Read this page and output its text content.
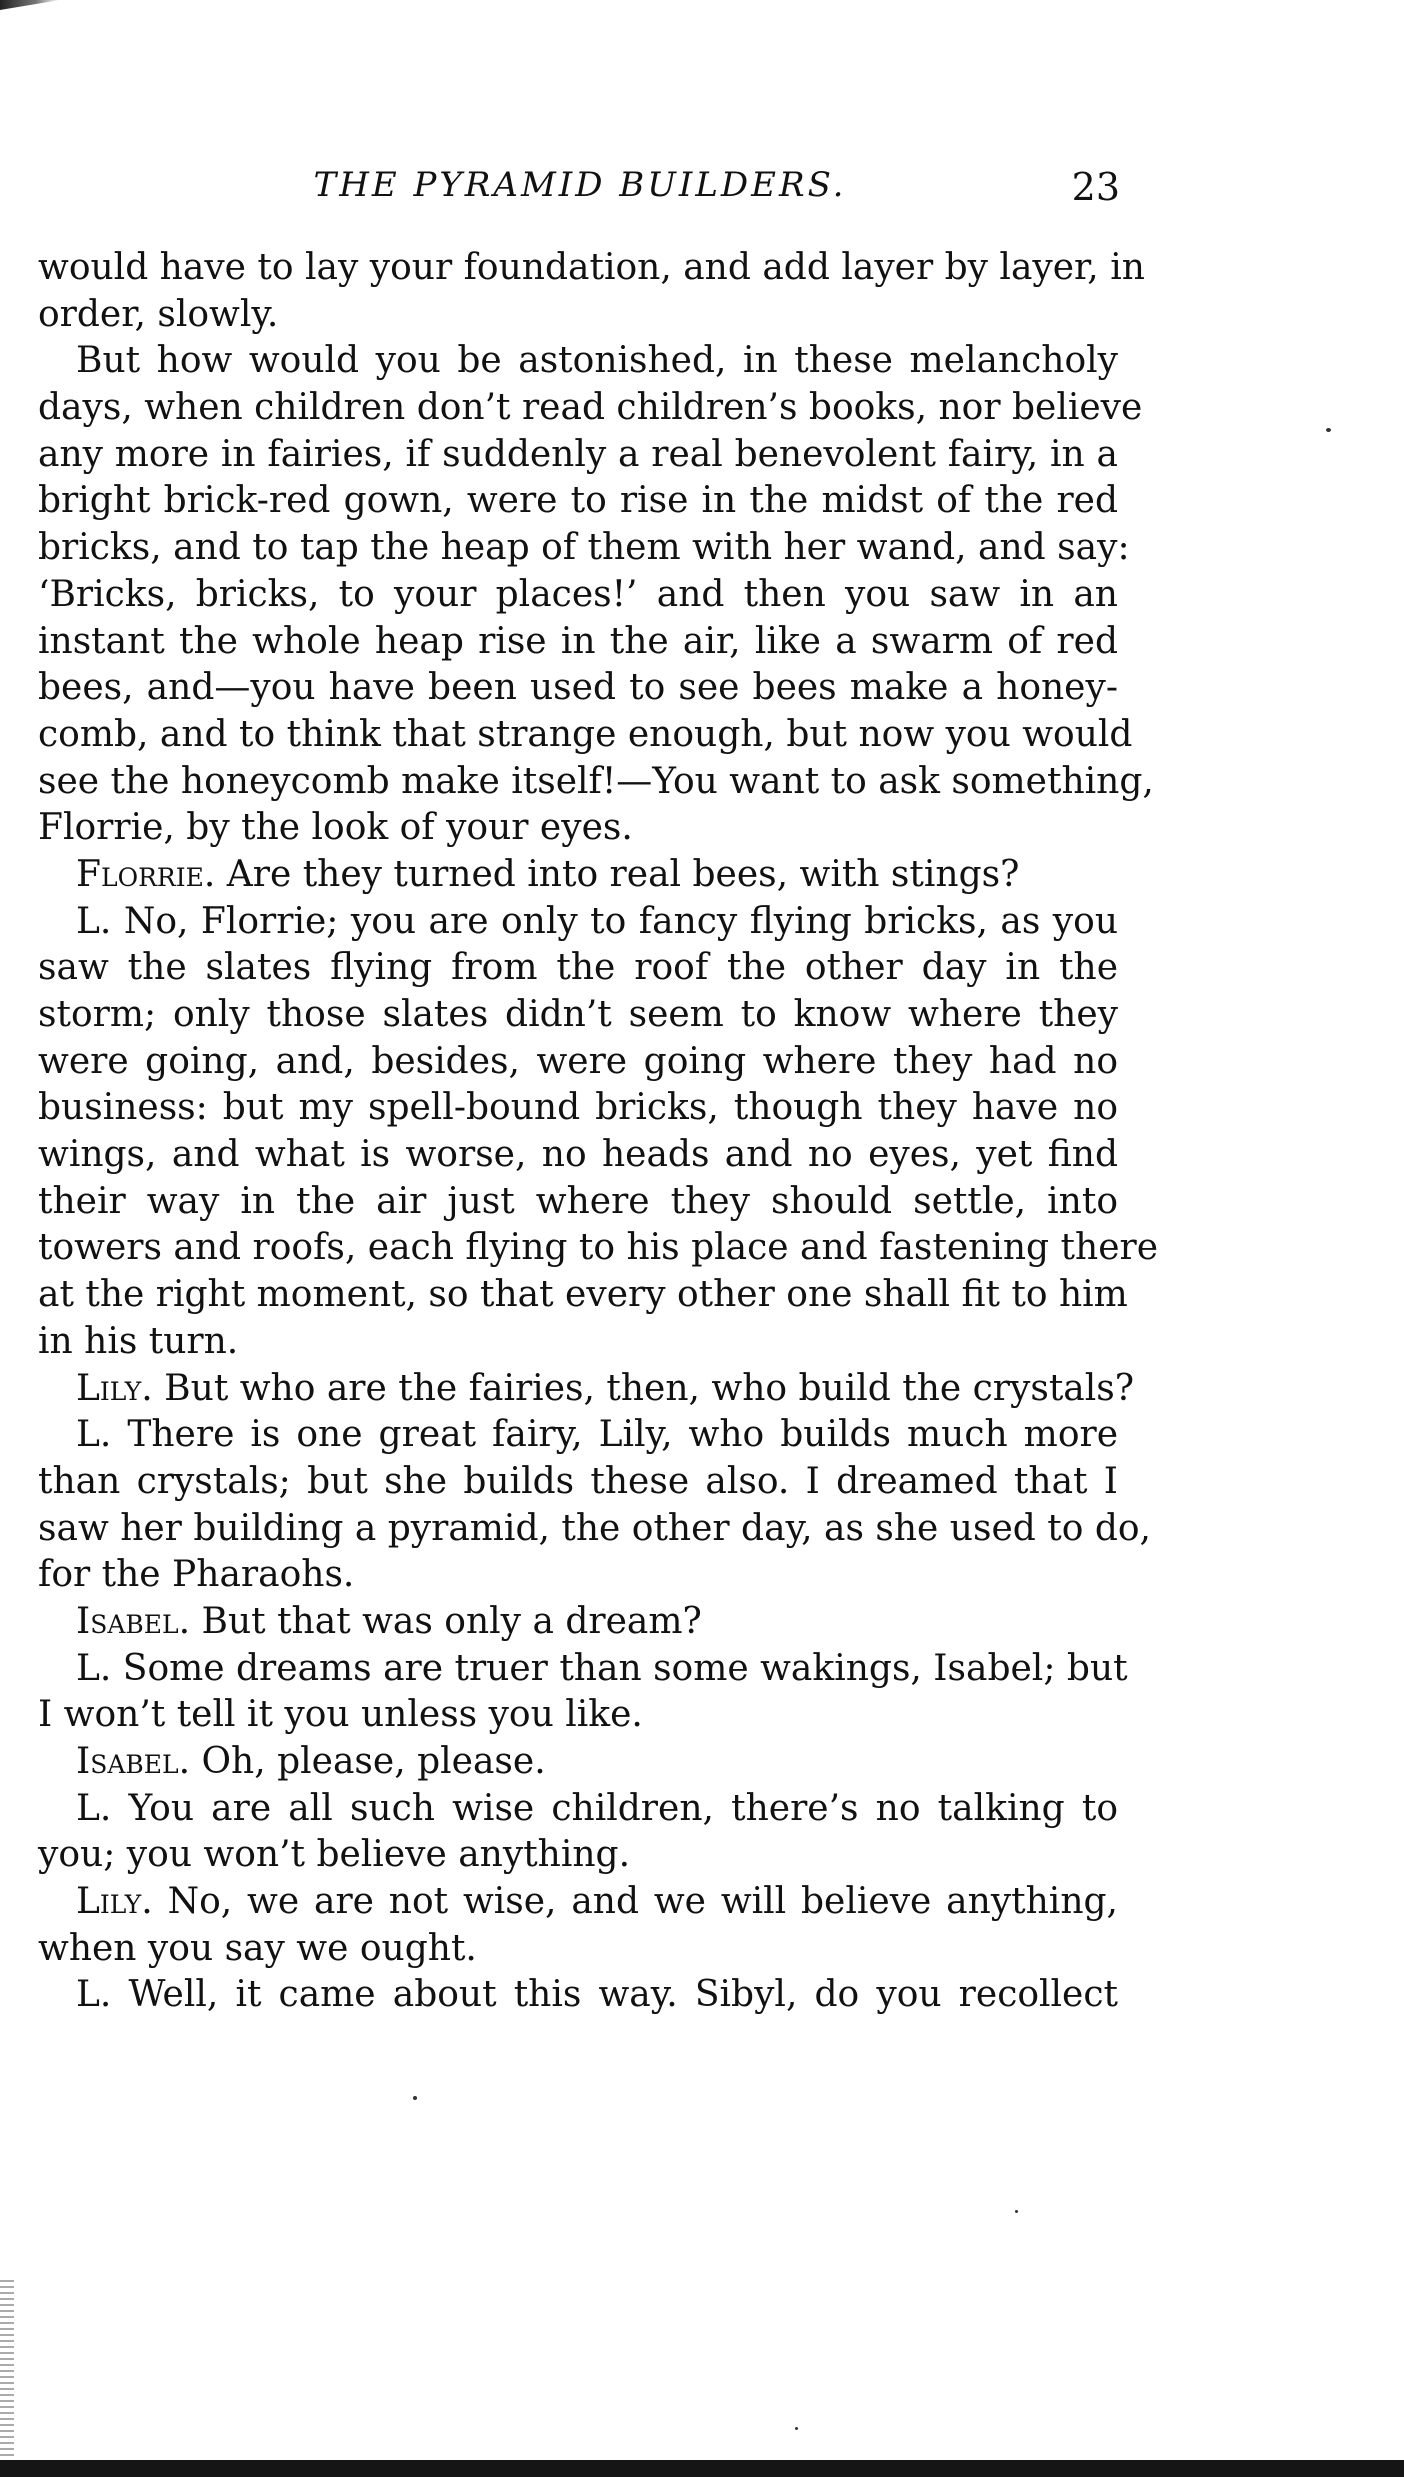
THE PYRAMID BUILDERS.	23
would have to lay your foundation, and add layer by layer, in
order, slowly.
But how would you be astonished, in these melancholy
days, when children don’t read children’s books, nor believe
any more in fairies, if suddenly a real benevolent fairy, in a
bright brick-red gown, were to rise in the midst of the red
bricks, and to tap the heap of them with her wand, and say:
‘Bricks, bricks, to your places!’ and then you saw in an
instant the whole heap rise in the air, like a swarm of red
bees, and—you have been used to see bees make a honey-
comb, and to think that strange enough, but now you would
see the honeycomb make itself!—You want to ask something,
Florrie, by the look of your eyes.
Florrie. Are they turned into real bees, with stings?
L. No, Florrie; you are only to fancy flying bricks, as you
saw the slates flying from the roof the other day in the
storm; only those slates didn’t seem to know where they
were going, and, besides, were going where they had no
business: but my spell-bound bricks, though they have no
wings, and what is worse, no heads and no eyes, yet find
their way in the air just where they should settle, into
towers and roofs, each flying to his place and fastening there
at the right moment, so that every other one shall fit to him
in his turn.
Lily. But who are the fairies, then, who build the crystals?
L. There is one great fairy, Lily, who builds much more
than crystals; but she builds these also. I dreamed that I
saw her building a pyramid, the other day, as she used to do,
for the Pharaohs.
Isabel. But that was only a dream?
L. Some dreams are truer than some wakings, Isabel; but
I won’t tell it you unless you like.
Isabel. Oh, please, please.
L. You are all such wise children, there’s no talking to
you; you won’t believe anything.
Lily. No, we are not wise, and we will believe anything,
when you say we ought.
L. Well, it came about this way. Sibyl, do you recollect
